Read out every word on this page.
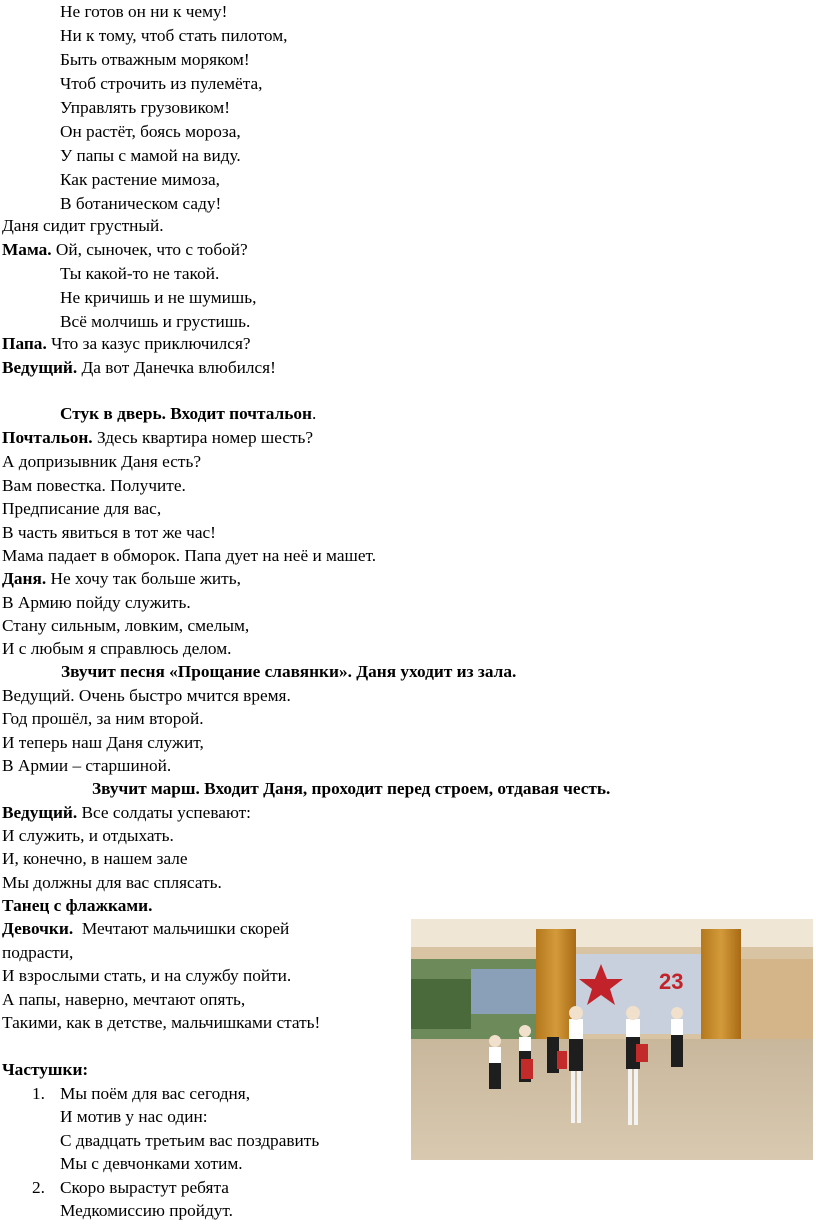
Не готов он ни к чему!
Ни к тому, чтоб стать пилотом,
Быть отважным моряком!
Чтоб строчить из пулемёта,
Управлять грузовиком!
Он растёт, боясь мороза,
У папы с мамой на виду.
Как растение мимоза,
В ботаническом саду!
Даня сидит грустный.
Мама. Ой, сыночек, что с тобой?
Ты какой-то не такой.
Не кричишь и не шумишь,
Всё молчишь и грустишь.
Папа. Что за казус приключился?
Ведущий. Да вот Данечка влюбился!
Стук в дверь. Входит почтальон.
Почтальон. Здесь квартира номер шесть?
А допризывник Даня есть?
Вам повестка. Получите.
Предписание для вас,
В часть явиться в тот же час!
Мама падает в обморок. Папа дует на неё и машет.
Даня. Не хочу так больше жить,
В Армию пойду служить.
Стану сильным, ловким, смелым,
И с любым я справлюсь делом.
Звучит песня «Прощание славянки». Даня уходит из зала.
Ведущий. Очень быстро мчится время.
Год прошёл, за ним второй.
И теперь наш Даня служит,
В Армии – старшиной.
Звучит марш. Входит Даня, проходит перед строем, отдавая честь.
Ведущий. Все солдаты успевают:
И служить, и отдыхать.
И, конечно, в нашем зале
Мы должны для вас сплясать.
Танец с флажками.
Девочки.  Мечтают мальчишки скорей
подрасти,
И взрослыми стать, и на службу пойти.
А папы, наверно, мечтают опять,
Такими, как в детстве, мальчишками стать!
Частушки:
1. Мы поём для вас сегодня,
И мотив у нас один:
С двадцать третьим вас поздравить
Мы с девчонками хотим.
2. Скоро вырастут ребята
Медкомиссию пройдут.
23
